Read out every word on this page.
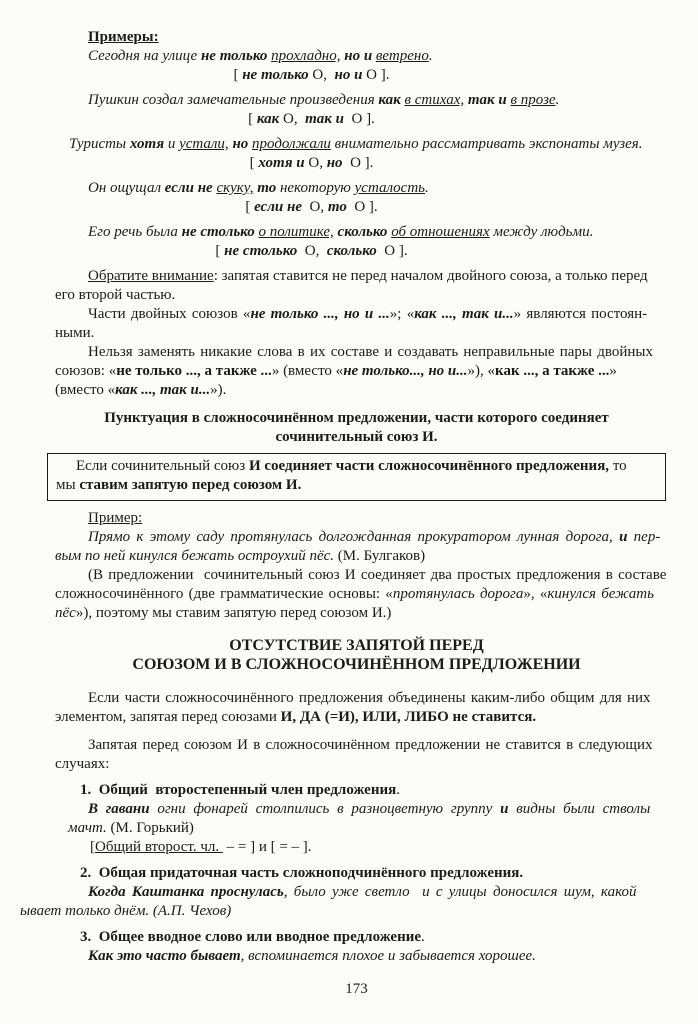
Примеры:
Сегодня на улице не только прохладно, но и ветрено.
[ не только O,  но и O ].
Пушкин создал замечательные произведения как в стихах, так и в прозе.
[ как O,  так и  O ].
Туристы хотя и устали, но продолжали внимательно рассматривать экспонаты музея.
[ хотя и O, но  O ].
Он ощущал если не скуку, то некоторую усталость.
[ если не  O, то  O ].
Его речь была не столько о политике, сколько об отношениях между людьми.
[ не столько  O,  сколько  O ].
Обратите внимание: запятая ставится не перед началом двойного союза, а только перед
его второй частью.
Части двойных союзов «не только ..., но и ...»; «как ..., так и...» являются постоян-
ными.
Нельзя заменять никакие слова в их составе и создавать неправильные пары двойных
союзов: «не только ..., а также ...» (вместо «не только..., но и...»), «как ..., а также ...»
(вместо «как ..., так и...»).
Пунктуация в сложносочинённом предложении, части которого соединяет
сочинительный союз И.
Если сочинительный союз И соединяет части сложносочинённого предложения, то
мы ставим запятую перед союзом И.
Пример:
Прямо к этому саду протянулась долгожданная прокуратором лунная дорога, и пер-
вым по ней кинулся бежать остроухий пёс. (М. Булгаков)
(В предложении  сочинительный союз И соединяет два простых предложения в составе
сложносочинённого (две грамматические основы: «протянулась дорога», «кинулся бежать
пёс»), поэтому мы ставим запятую перед союзом И.)
ОТСУТСТВИЕ ЗАПЯТОЙ ПЕРЕД
СОЮЗОМ И В СЛОЖНОСОЧИНЁННОМ ПРЕДЛОЖЕНИИ
Если части сложносочинённого предложения объединены каким-либо общим для них
элементом, запятая перед союзами И, ДА (=И), ИЛИ, ЛИБО не ставится.
Запятая перед союзом И в сложносочинённом предложении не ставится в следующих
случаях:
1. Общий  второстепенный член предложения.
В гавани огни фонарей столпились в разноцветную группу и видны были стволы
мачт. (М. Горький)
[Общий второст. чл.  – = ] и [ = – ].
2. Общая придаточная часть сложноподчинённого предложения.
Когда Каштанка проснулась, было уже светло  и с улицы доносился шум, какой
ывает только днём. (А.П. Чехов)
3. Общее вводное слово или вводное предложение.
Как это часто бывает, вспоминается плохое и забывается хорошее.
173
